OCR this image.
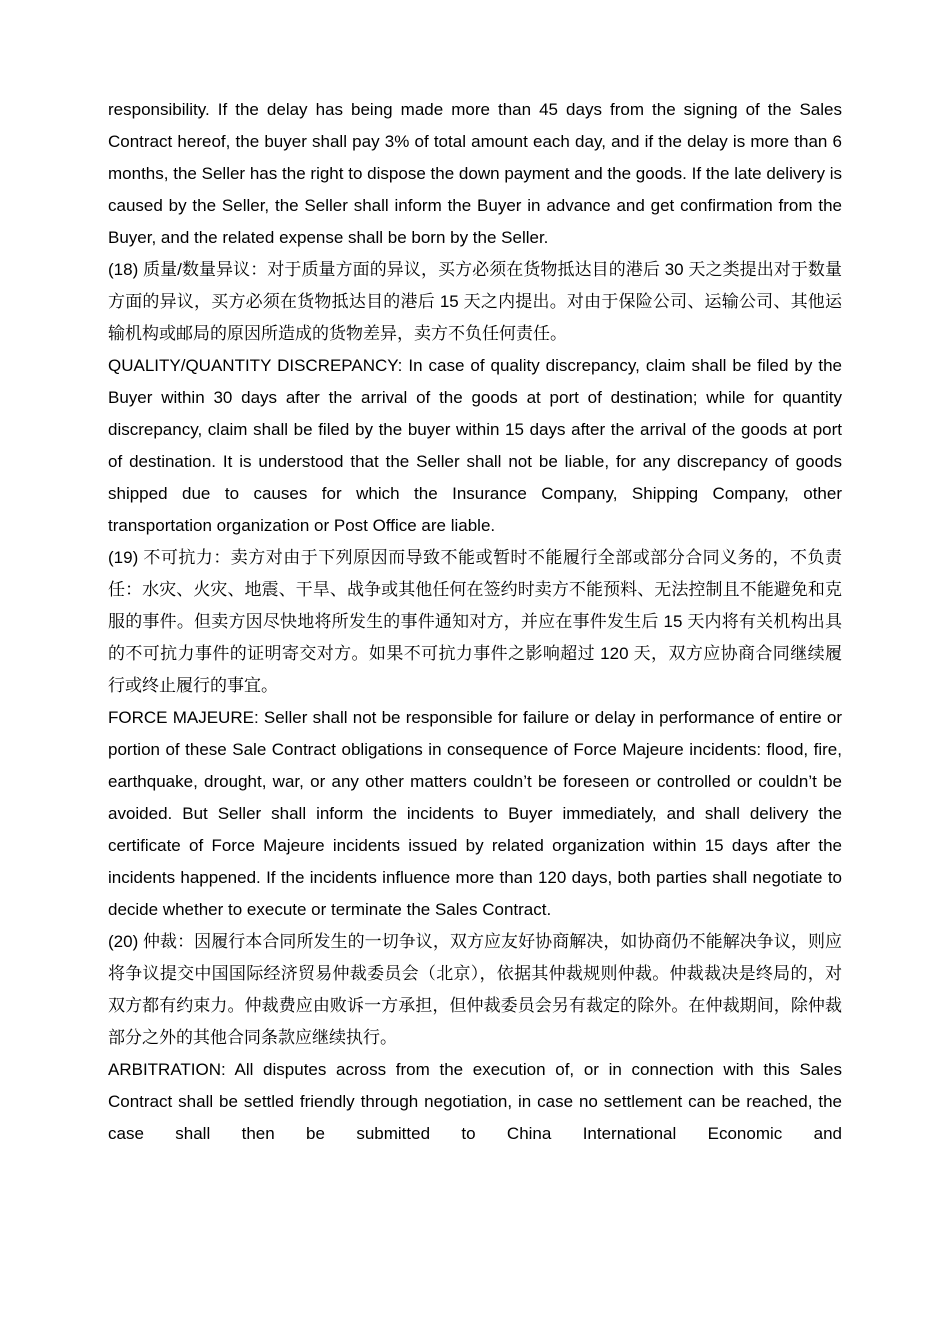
responsibility. If the delay has being made more than 45 days from the signing of the Sales Contract hereof, the buyer shall pay 3% of total amount each day, and if the delay is more than 6 months, the Seller has the right to dispose the down payment and the goods. If the late delivery is caused by the Seller, the Seller shall inform the Buyer in advance and get confirmation from the Buyer, and the related expense shall be born by the Seller.

(18) 质量/数量异议：对于质量方面的异议，买方必须在货物抵达目的港后 30 天之类提出对于数量方面的异议，买方必须在货物抵达目的港后 15 天之内提出。对由于保险公司、运输公司、其他运输机构或邮局的原因所造成的货物差异，卖方不负任何责任。

QUALITY/QUANTITY DISCREPANCY: In case of quality discrepancy, claim shall be filed by the Buyer within 30 days after the arrival of the goods at port of destination; while for quantity discrepancy, claim shall be filed by the buyer within 15 days after the arrival of the goods at port of destination. It is understood that the Seller shall not be liable, for any discrepancy of goods shipped due to causes for which the Insurance Company, Shipping Company, other transportation organization or Post Office are liable.

(19) 不可抗力：卖方对由于下列原因而导致不能或暂时不能履行全部或部分合同义务的，不负责任：水灾、火灾、地震、干旱、战争或其他任何在签约时卖方不能预料、无法控制且不能避免和克服的事件。但卖方因尽快地将所发生的事件通知对方，并应在事件发生后 15 天内将有关机构出具的不可抗力事件的证明寄交对方。如果不可抗力事件之影响超过 120 天，双方应协商合同继续履行或终止履行的事宜。

FORCE MAJEURE: Seller shall not be responsible for failure or delay in performance of entire or portion of these Sale Contract obligations in consequence of Force Majeure incidents: flood, fire, earthquake, drought, war, or any other matters couldn’t be foreseen or controlled or couldn’t be avoided. But Seller shall inform the incidents to Buyer immediately, and shall delivery the certificate of Force Majeure incidents issued by related organization within 15 days after the incidents happened. If the incidents influence more than 120 days, both parties shall negotiate to decide whether to execute or terminate the Sales Contract.

(20) 仲裁：因履行本合同所发生的一切争议，双方应友好协商解决，如协商仍不能解决争议，则应将争议提交中国国际经济贸易仲裁委员会（北京），依据其仲裁规则仲裁。仲裁裁决是终局的，对双方都有约束力。仲裁费应由败诉一方承担，但仲裁委员会另有裁定的除外。在仲裁期间，除仲裁部分之外的其他合同条款应继续执行。

ARBITRATION: All disputes across from the execution of, or in connection with this Sales Contract shall be settled friendly through negotiation, in case no settlement can be reached, the case shall then be submitted to China International Economic and
